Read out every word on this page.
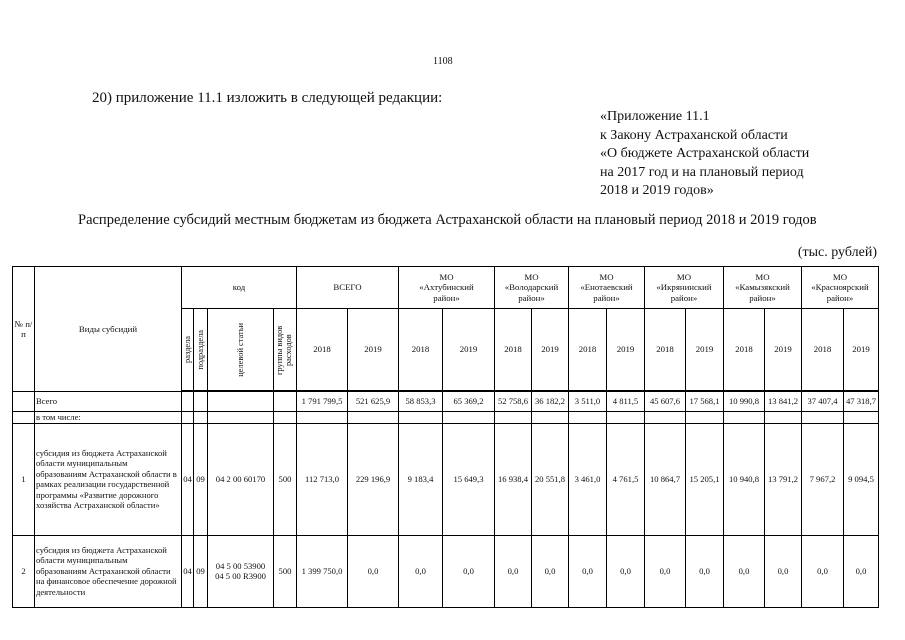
1108
20) приложение 11.1 изложить в следующей редакции:
«Приложение 11.1
к Закону Астраханской области
«О бюджете Астраханской области
на 2017 год и на плановый период
2018 и 2019 годов»
Распределение субсидий местным бюджетам из бюджета Астраханской области на плановый период 2018 и 2019 годов
(тыс. рублей)
№ п/п	Виды субсидий	код				ВСЕГО		МО
«Ахтубинский
район»		МО
«Володарский
район»		МО
«Енотаевский
район»		МО
«Икрянинский
район»		МО
«Камызякский
район»		МО
«Красноярский
район»	

		раздела	подраздела	целевой статьи	группы видов расходов	2018	2019	2018	2019	2018	2019	2018	2019	2018	2019	2018	2019	2018	2019

	Всего					1 791 799,5	521 625,9	58 853,3	65 369,2	52 758,6	36 182,2	3 511,0	4 811,5	45 607,6	17 568,1	10 990,8	13 841,2	37 407,4	47 318,7
	в том числе:																		
1	субсидия из бюджета Астраханской области муниципальным образованиям Астраханской области в рамках реализации государственной программы «Развитие дорожного хозяйства Астраханской области»	04	09	04 2 00 60170	500	112 713,0	229 196,9	9 183,4	15 649,3	16 938,4	20 551,8	3 461,0	4 761,5	10 864,7	15 205,1	10 940,8	13 791,2	7 967,2	9 094,5
2	субсидия из бюджета Астраханской области муниципальным образованиям Астраханской области на финансовое обеспечение дорожной деятельности	04	09	04 5 00 53900
04 5 00 R3900	500	1 399 750,0	0,0	0,0	0,0	0,0	0,0	0,0	0,0	0,0	0,0	0,0	0,0	0,0	0,0
